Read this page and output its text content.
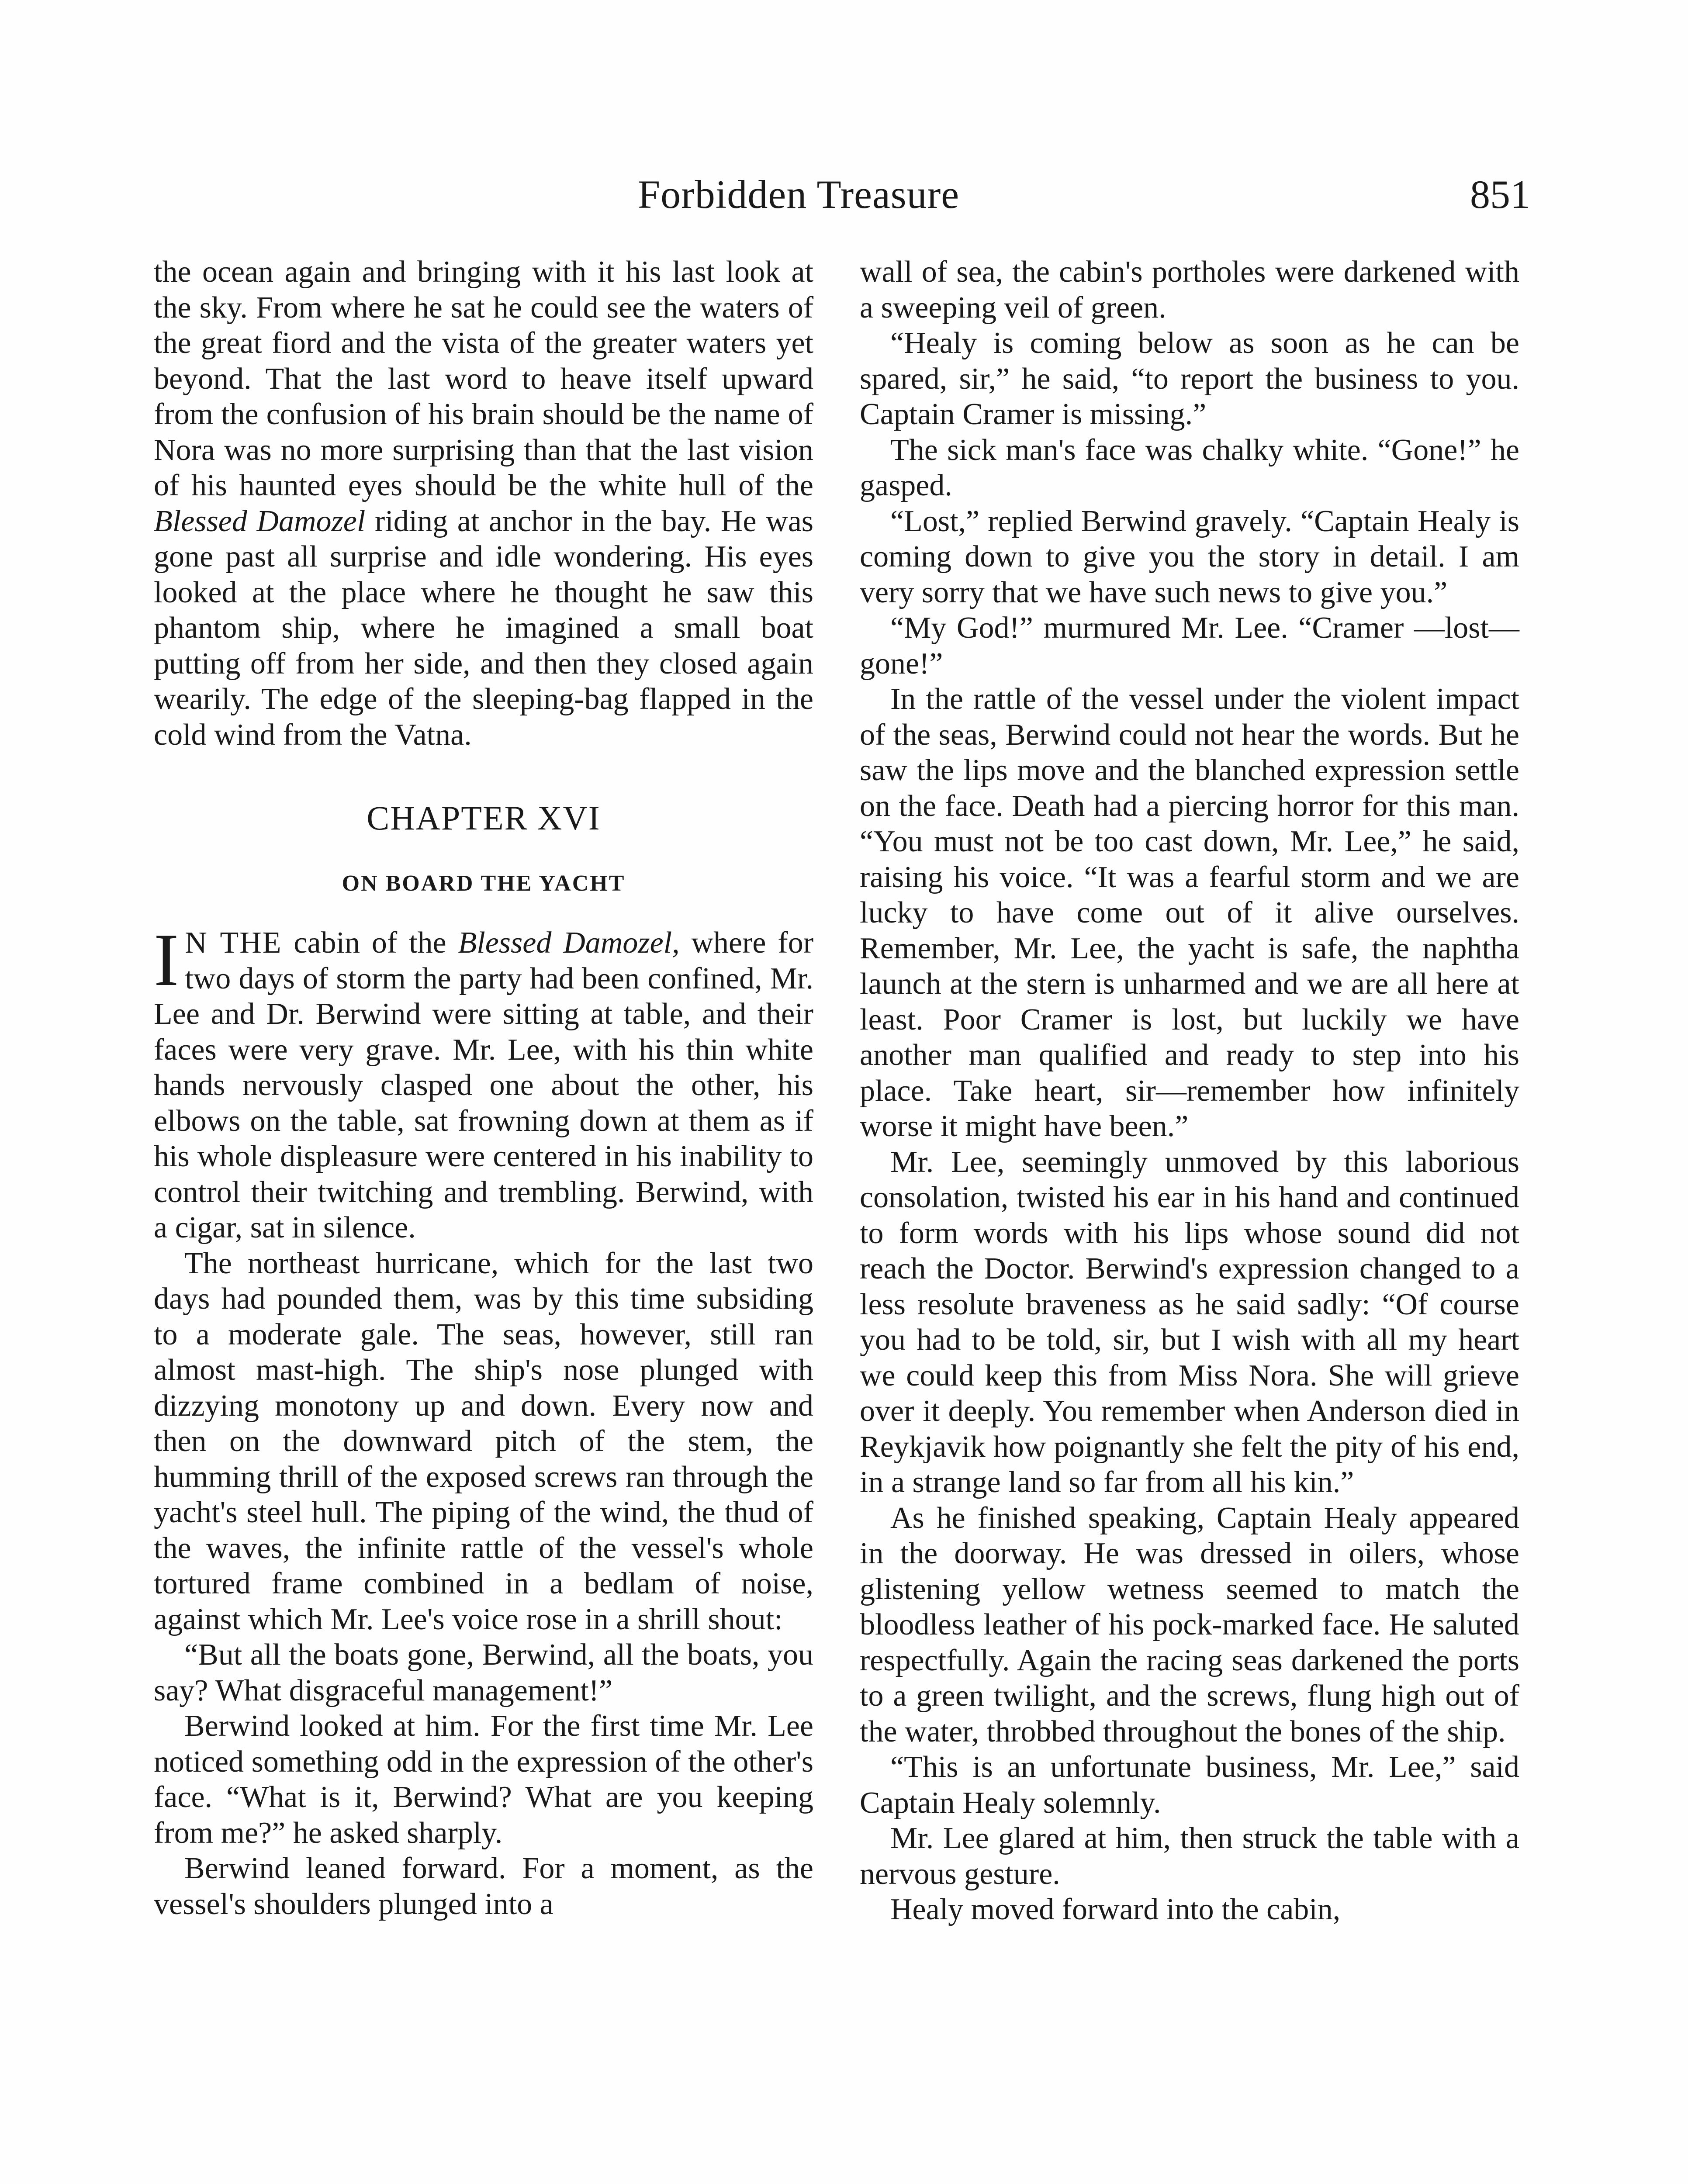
Forbidden Treasure	851

the ocean again and bringing with it his last look at the sky. From where he sat he could see the waters of the great fiord and the vista of the greater waters yet beyond. That the last word to heave itself upward from the confusion of his brain should be the name of Nora was no more surprising than that the last vision of his haunted eyes should be the white hull of the Blessed Damozel riding at anchor in the bay. He was gone past all surprise and idle wondering. His eyes looked at the place where he thought he saw this phantom ship, where he imagined a small boat putting off from her side, and then they closed again wearily. The edge of the sleeping-bag flapped in the cold wind from the Vatna.

CHAPTER XVI
ON BOARD THE YACHT

I N THE cabin of the Blessed Damozel, where for two days of storm the party had been confined, Mr. Lee and Dr. Berwind were sitting at table, and their faces were very grave. Mr. Lee, with his thin white hands nervously clasped one about the other, his elbows on the table, sat frowning down at them as if his whole displeasure were centered in his inability to control their twitching and trembling. Berwind, with a cigar, sat in silence.

The northeast hurricane, which for the last two days had pounded them, was by this time subsiding to a moderate gale. The seas, however, still ran almost mast-high. The ship's nose plunged with dizzying monotony up and down. Every now and then on the downward pitch of the stem, the humming thrill of the exposed screws ran through the yacht's steel hull. The piping of the wind, the thud of the waves, the infinite rattle of the vessel's whole tortured frame combined in a bedlam of noise, against which Mr. Lee's voice rose in a shrill shout:

“But all the boats gone, Berwind, all the boats, you say? What disgraceful management!”

Berwind looked at him. For the first time Mr. Lee noticed something odd in the expression of the other's face. “What is it, Berwind? What are you keeping from me?” he asked sharply.

Berwind leaned forward. For a moment, as the vessel's shoulders plunged into a

wall of sea, the cabin's portholes were darkened with a sweeping veil of green.

“Healy is coming below as soon as he can be spared, sir,” he said, “to report the business to you. Captain Cramer is missing.”

The sick man's face was chalky white. “Gone!” he gasped.

“Lost,” replied Berwind gravely. “Captain Healy is coming down to give you the story in detail. I am very sorry that we have such news to give you.”

“My God!” murmured Mr. Lee. “Cramer —lost—gone!”

In the rattle of the vessel under the violent impact of the seas, Berwind could not hear the words. But he saw the lips move and the blanched expression settle on the face. Death had a piercing horror for this man. “You must not be too cast down, Mr. Lee,” he said, raising his voice. “It was a fearful storm and we are lucky to have come out of it alive ourselves. Remember, Mr. Lee, the yacht is safe, the naphtha launch at the stern is unharmed and we are all here at least. Poor Cramer is lost, but luckily we have another man qualified and ready to step into his place. Take heart, sir—remember how infinitely worse it might have been.”

Mr. Lee, seemingly unmoved by this laborious consolation, twisted his ear in his hand and continued to form words with his lips whose sound did not reach the Doctor. Berwind's expression changed to a less resolute braveness as he said sadly: “Of course you had to be told, sir, but I wish with all my heart we could keep this from Miss Nora. She will grieve over it deeply. You remember when Anderson died in Reykjavik how poignantly she felt the pity of his end, in a strange land so far from all his kin.”

As he finished speaking, Captain Healy appeared in the doorway. He was dressed in oilers, whose glistening yellow wetness seemed to match the bloodless leather of his pock-marked face. He saluted respectfully. Again the racing seas darkened the ports to a green twilight, and the screws, flung high out of the water, throbbed throughout the bones of the ship.

“This is an unfortunate business, Mr. Lee,” said Captain Healy solemnly.

Mr. Lee glared at him, then struck the table with a nervous gesture.

Healy moved forward into the cabin,
